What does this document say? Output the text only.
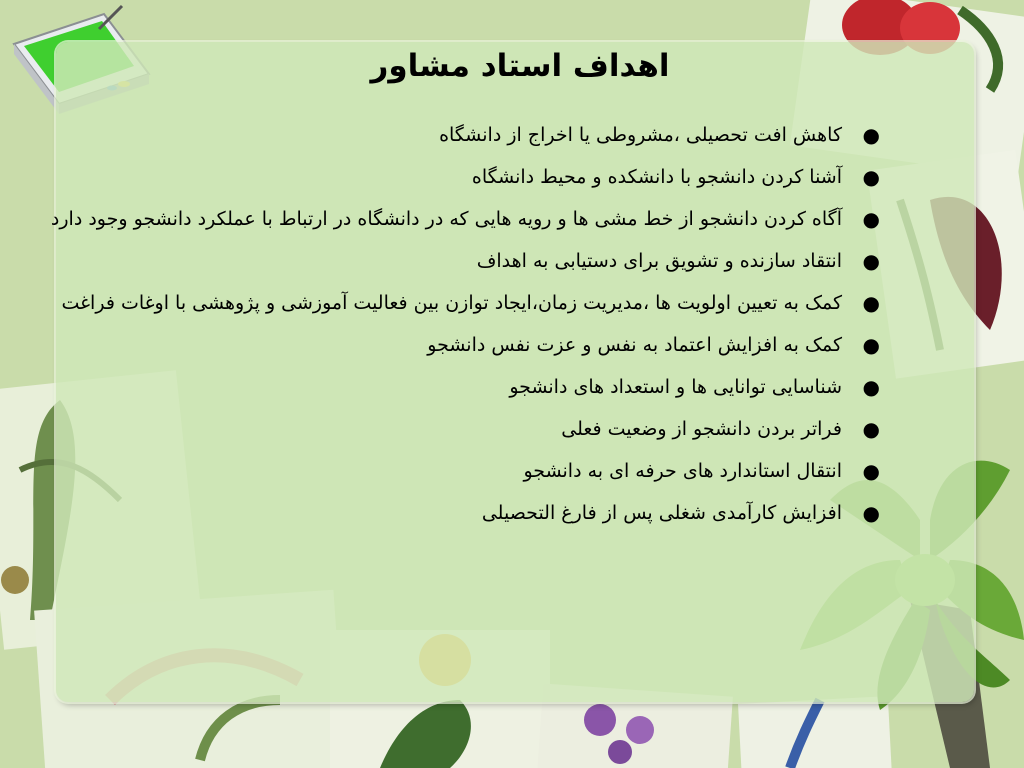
اهداف استاد مشاور
●
کاهش افت تحصیلی ،مشروطی یا اخراج از دانشگاه
●
آشنا کردن دانشجو با دانشکده و محیط دانشگاه
●
آگاه کردن دانشجو از خط مشی ها و رویه هایی که در دانشگاه در ارتباط با عملکرد دانشجو وجود دارد
●
انتقاد سازنده و تشویق برای دستیابی به اهداف
●
کمک به تعیین اولویت ها ،مدیریت زمان،ایجاد توازن بین فعالیت آموزشی و پژوهشی با اوغات فراغت
●
کمک به افزایش اعتماد به نفس و عزت نفس دانشجو
●
شناسایی توانایی ها و استعداد های دانشجو
●
فراتر بردن دانشجو از وضعیت فعلی
●
انتقال استاندارد های حرفه ای به دانشجو
●
افزایش کارآمدی شغلی پس از فارغ التحصیلی
